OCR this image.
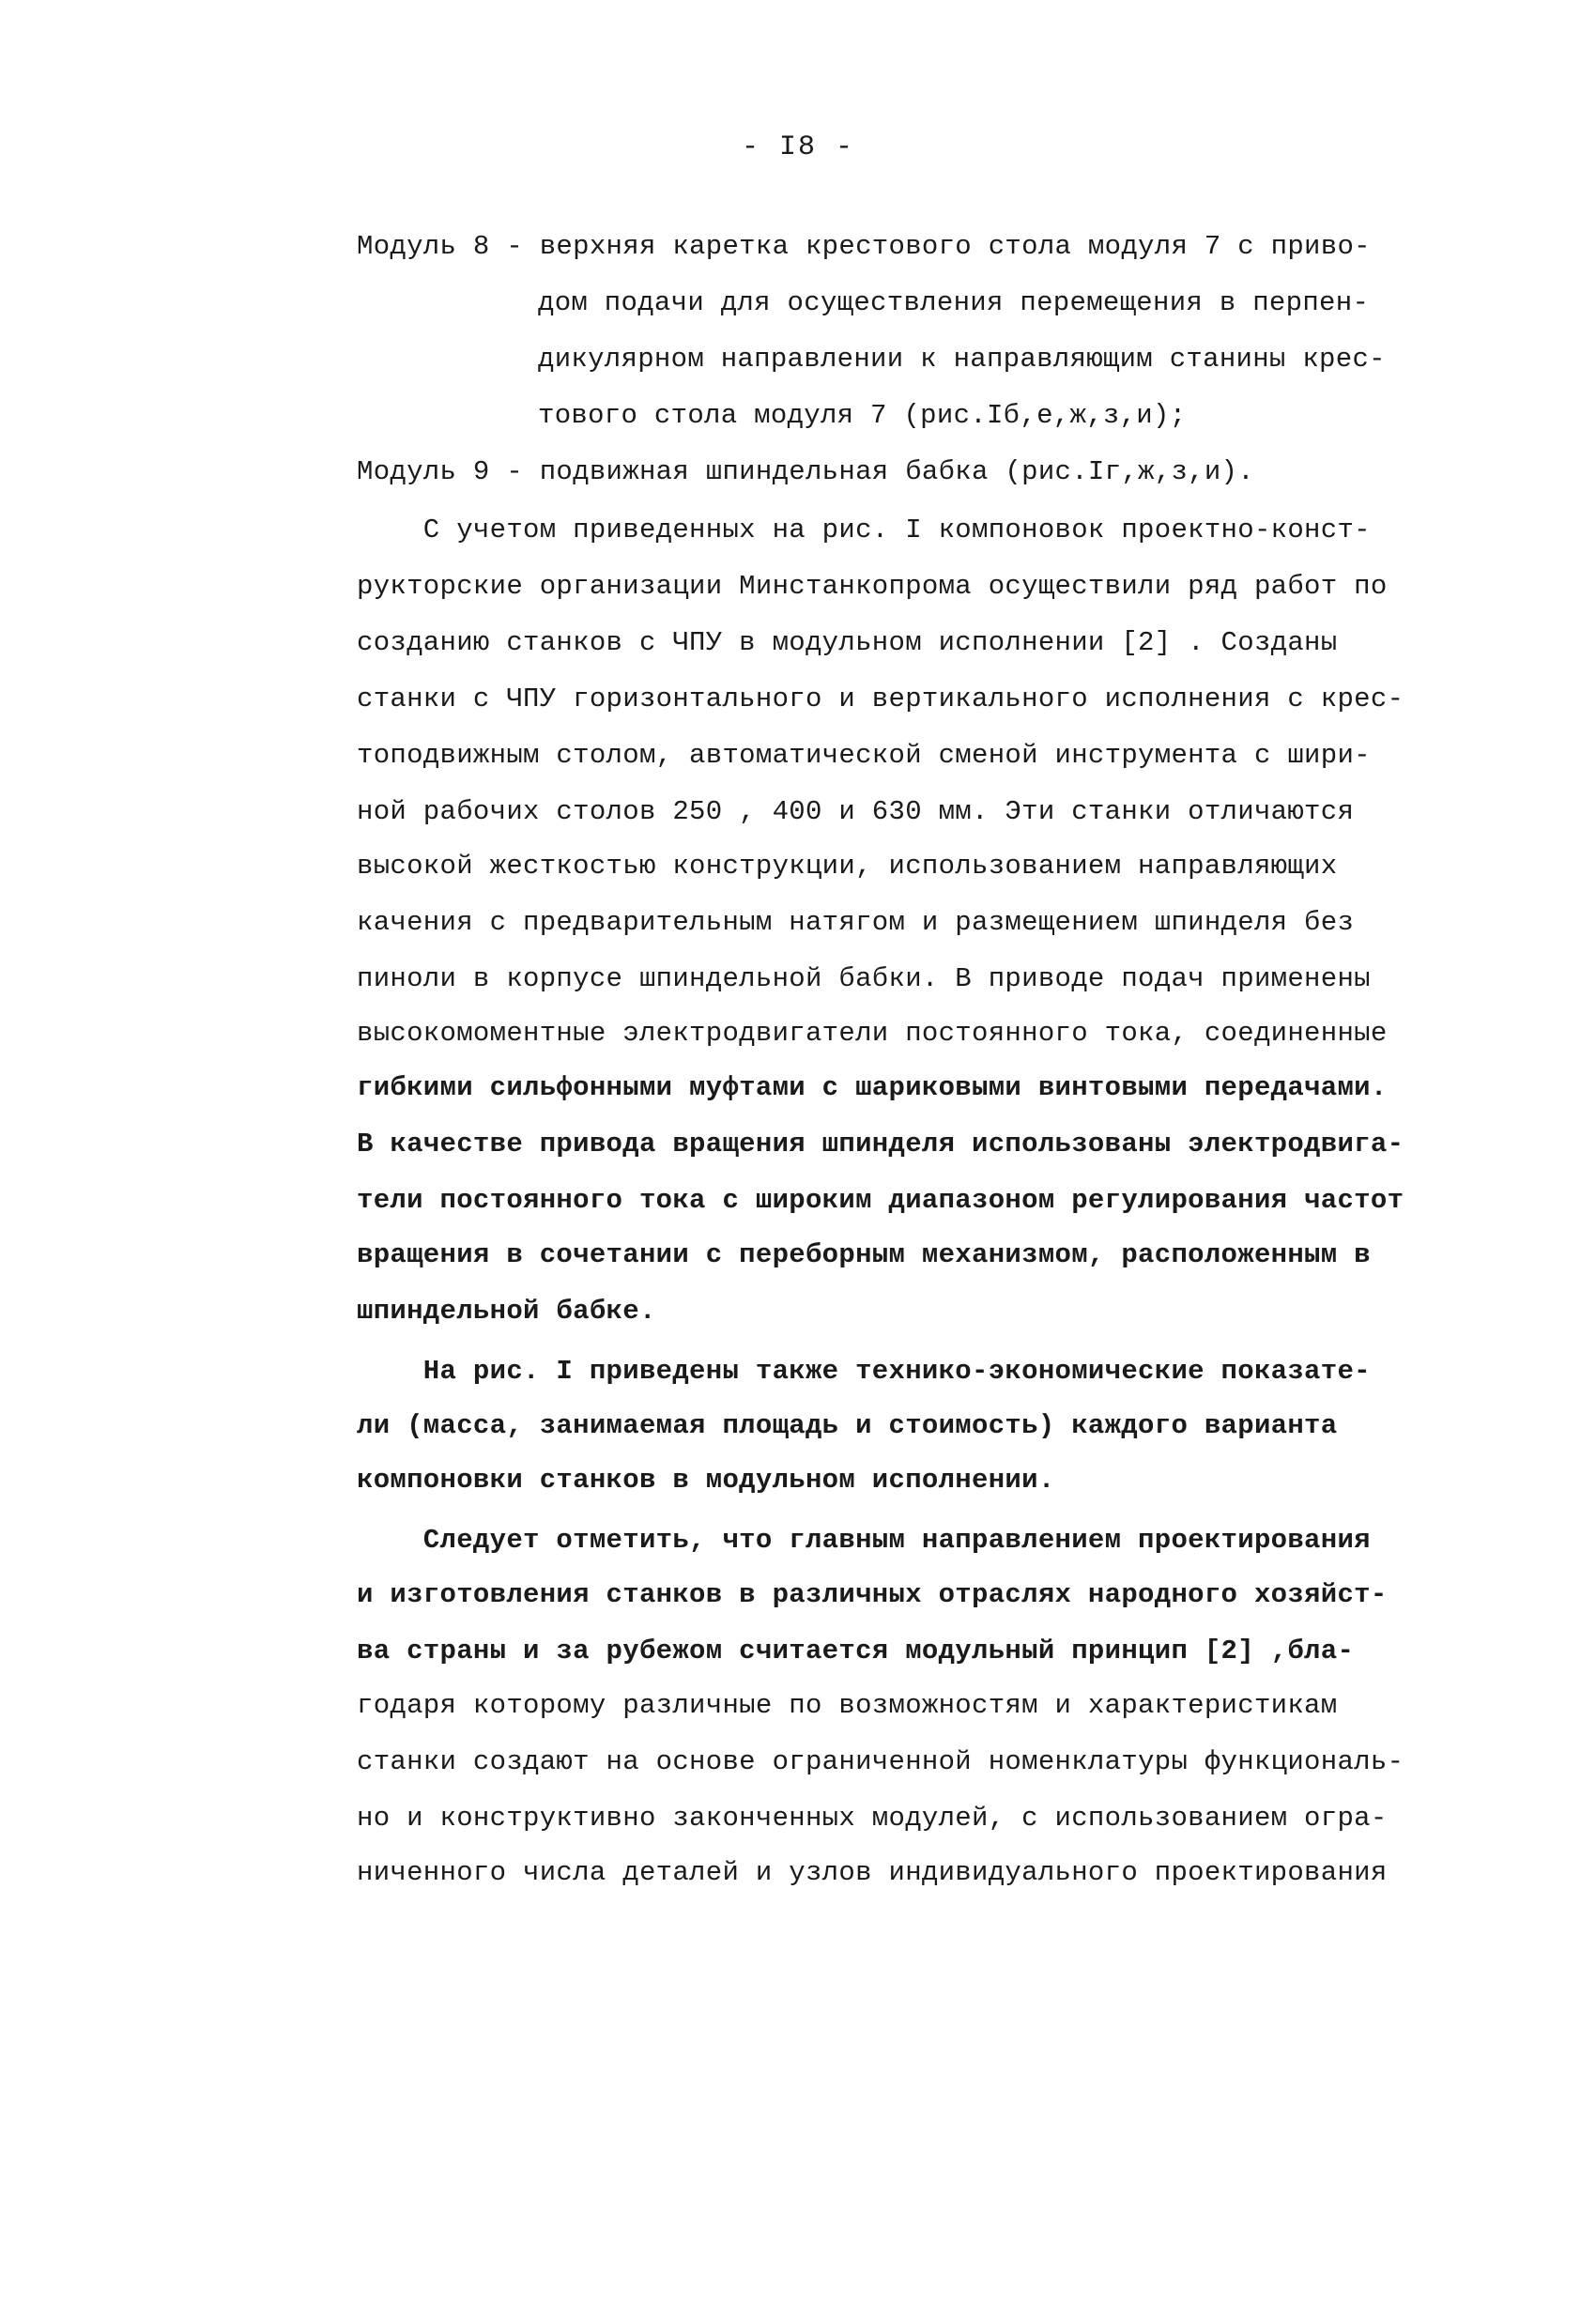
- I8 -
Модуль 8 - верхняя каретка крестового стола модуля 7 с приво-
дом подачи для осуществления перемещения в перпен-
дикулярном направлении к направляющим станины крес-
тового стола модуля 7 (рис.Iб,е,ж,з,и);
Модуль 9 - подвижная шпиндельная бабка (рис.Iг,ж,з,и).
С учетом приведенных на рис. I компоновок проектно-конст-
рукторские организации Минстанкопрома осуществили ряд работ по
созданию станков с ЧПУ в модульном исполнении [2] . Созданы
станки с ЧПУ горизонтального и вертикального исполнения с крес-
топодвижным столом, автоматической сменой инструмента с шири-
ной рабочих столов 250 , 400 и 630 мм. Эти станки отличаются
высокой жесткостью конструкции, использованием направляющих
качения с предварительным натягом и размещением шпинделя без
пиноли в корпусе шпиндельной бабки. В приводе подач применены
высокомоментные электродвигатели постоянного тока, соединенные
гибкими сильфонными муфтами с шариковыми винтовыми передачами.
В качестве привода вращения шпинделя использованы электродвига-
тели постоянного тока с широким диапазоном регулирования частот
вращения в сочетании с переборным механизмом, расположенным в
шпиндельной бабке.
На рис. I приведены также технико-экономические показате-
ли (масса, занимаемая площадь и стоимость) каждого варианта
компоновки станков в модульном исполнении.
Следует отметить, что главным направлением проектирования
и изготовления станков в различных отраслях народного хозяйст-
ва страны и за рубежом считается модульный принцип [2] ,бла-
годаря которому различные по возможностям и характеристикам
станки создают на основе ограниченной номенклатуры функциональ-
но и конструктивно законченных модулей, с использованием огра-
ниченного числа деталей и узлов индивидуального проектирования
